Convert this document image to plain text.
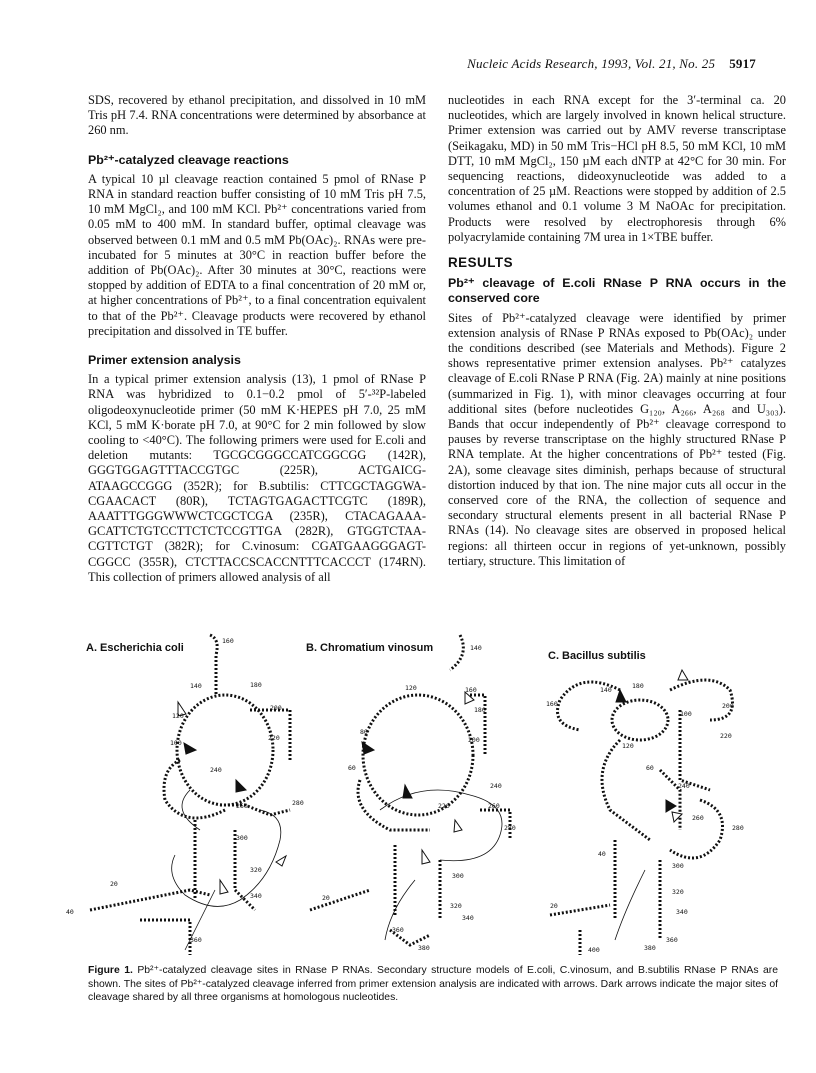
Nucleic Acids Research, 1993, Vol. 21, No. 25 5917

SDS, recovered by ethanol precipitation, and dissolved in 10 mM Tris pH 7.4. RNA concentrations were determined by absorbance at 260 nm.

Pb²⁺-catalyzed cleavage reactions

A typical 10 µl cleavage reaction contained 5 pmol of RNase P RNA in standard reaction buffer consisting of 10 mM Tris pH 7.5, 10 mM MgCl₂, and 100 mM KCl. Pb²⁺ concentrations varied from 0.05 mM to 400 mM. In standard buffer, optimal cleavage was observed between 0.1 mM and 0.5 mM Pb(OAc)₂. RNAs were pre-incubated for 5 minutes at 30°C in reaction buffer before the addition of Pb(OAc)₂. After 30 minutes at 30°C, reactions were stopped by addition of EDTA to a final concentration of 20 mM or, at higher concentrations of Pb²⁺, to a final concentration equivalent to that of the Pb²⁺. Cleavage products were recovered by ethanol precipitation and dissolved in TE buffer.

Primer extension analysis

In a typical primer extension analysis (13), 1 pmol of RNase P RNA was hybridized to 0.1−0.2 pmol of 5′-³²P-labeled oligodeoxynucleotide primer (50 mM K·HEPES pH 7.0, 25 mM KCl, 5 mM K·borate pH 7.0, at 90°C for 2 min followed by slow cooling to <40°C). The following primers were used for E.coli and deletion mutants: TGCGCGGGCCATCGGCGG (142R), GGGTGGAGTTTACCGTGC (225R), ACTGAICG-ATAAGCCGGG (352R); for B.subtilis: CTTCGCTAGGWA-CGAACACT (80R), TCTAGTGAGACTTCGTC (189R), AAATTTGGGWWWCTCGCTCGA (235R), CTACAGAAA-GCATTCTGTCCTTCTCTCCGTTGA (282R), GTGGTCTAA-CGTTCTGT (382R); for C.vinosum: CGATGAAGGGAGT-CGGCC (355R), CTCTTACCSCACCNTTTCACCCT (174RN). This collection of primers allowed analysis of all

nucleotides in each RNA except for the 3′-terminal ca. 20 nucleotides, which are largely involved in known helical structure. Primer extension was carried out by AMV reverse transcriptase (Seikagaku, MD) in 50 mM Tris−HCl pH 8.5, 50 mM KCl, 10 mM DTT, 10 mM MgCl₂, 150 µM each dNTP at 42°C for 30 min. For sequencing reactions, dideoxynucleotide was added to a concentration of 25 µM. Reactions were stopped by addition of 2.5 volumes ethanol and 0.1 volume 3 M NaOAc for precipitation. Products were resolved by electrophoresis through 6% polyacrylamide containing 7M urea in 1×TBE buffer.

RESULTS
Pb²⁺ cleavage of E.coli RNase P RNA occurs in the conserved core

Sites of Pb²⁺-catalyzed cleavage were identified by primer extension analysis of RNase P RNAs exposed to Pb(OAc)₂ under the conditions described (see Materials and Methods). Figure 2 shows representative primer extension analyses. Pb²⁺ catalyzes cleavage of E.coli RNase P RNA (Fig. 2A) mainly at nine positions (summarized in Fig. 1), with minor cleavages occurring at four additional sites (before nucleotides G₁₂₀, A₂₆₆, A₂₆₈ and U₃₀₃). Bands that occur independently of Pb²⁺ cleavage correspond to pauses by reverse transcriptase on the highly structured RNase P RNA template. At the higher concentrations of Pb²⁺ tested (Fig. 2A), some cleavage sites diminish, perhaps because of structural distortion induced by that ion. The nine major cuts all occur in the conserved core of the RNA, the collection of sequence and secondary structural elements present in all bacterial RNase P RNAs (14). No cleavage sites are observed in proposed helical regions: all thirteen occur in regions of yet-unknown, possibly tertiary, structure. This limitation of

A. Escherichia coli	B. Chromatium vinosum
C. Bacillus subtilis
160
140
120
100
180
200
220
240
260	280
300
320
340
360
40
20
140
120	160
80
180
200
60
240
260
280
220
300
320
340
360
380
20
140
160
180
120
100
200
220
60
240
260
280
300
40
320
340
360
380
400
20
Figure 1. Pb²⁺-catalyzed cleavage sites in RNase P RNAs. Secondary structure models of E.coli, C.vinosum, and B.subtilis RNase P RNAs are shown. The sites of Pb²⁺-catalyzed cleavage inferred from primer extension analysis are indicated with arrows. Dark arrows indicate the major sites of cleavage shared by all three organisms at homologous nucleotides.
